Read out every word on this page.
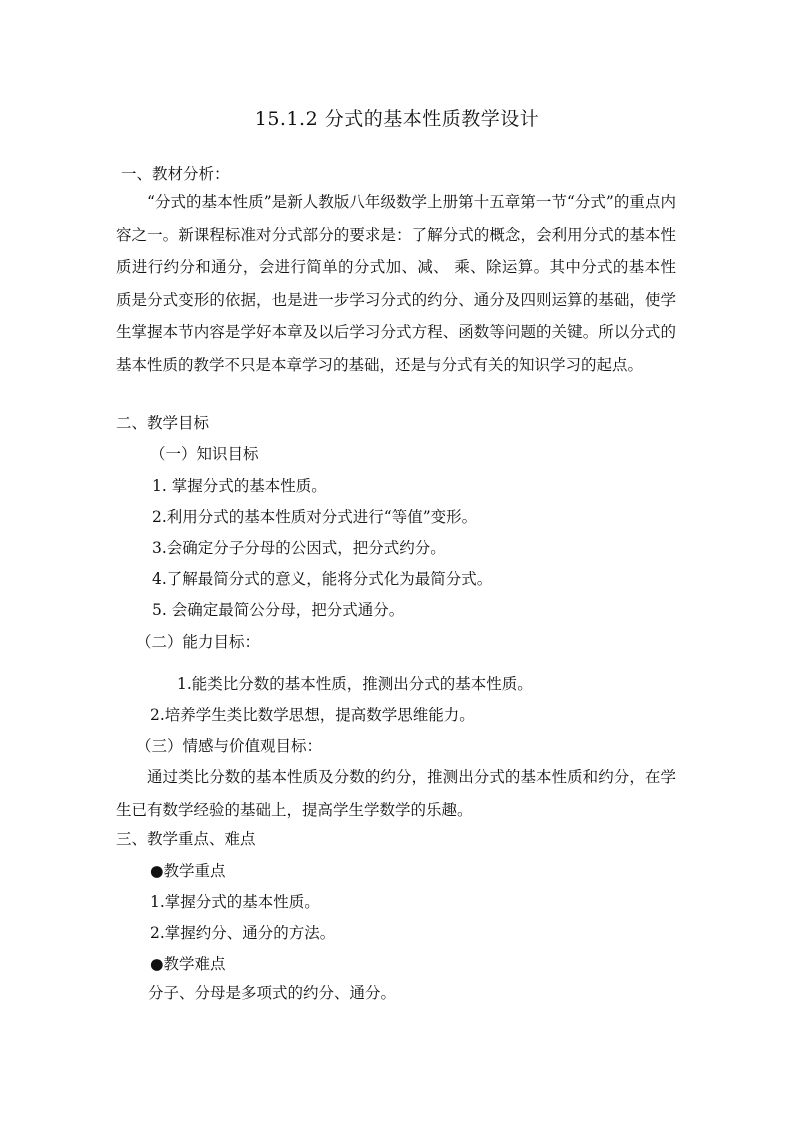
15.1.2 分式的基本性质教学设计
一、教材分析：
“分式的基本性质”是新人教版八年级数学上册第十五章第一节“分式”的重点内容之一。新课程标准对分式部分的要求是：了解分式的概念，会利用分式的基本性质进行约分和通分，会进行简单的分式加、减、 乘、除运算。其中分式的基本性质是分式变形的依据，也是进一步学习分式的约分、通分及四则运算的基础，使学生掌握本节内容是学好本章及以后学习分式方程、函数等问题的关键。所以分式的基本性质的教学不只是本章学习的基础，还是与分式有关的知识学习的起点。
二、教学目标
（一）知识目标
1. 掌握分式的基本性质。
2.利用分式的基本性质对分式进行“等值”变形。
3.会确定分子分母的公因式，把分式约分。
4.了解最简分式的意义，能将分式化为最简分式。
5. 会确定最简公分母，把分式通分。
（二）能力目标：
1.能类比分数的基本性质，推测出分式的基本性质。
2.培养学生类比数学思想，提高数学思维能力。
（三）情感与价值观目标：
通过类比分数的基本性质及分数的约分，推测出分式的基本性质和约分，在学生已有数学经验的基础上，提高学生学数学的乐趣。
三、教学重点、难点
●教学重点
1.掌握分式的基本性质。
2.掌握约分、通分的方法。
●教学难点
分子、分母是多项式的约分、通分。
